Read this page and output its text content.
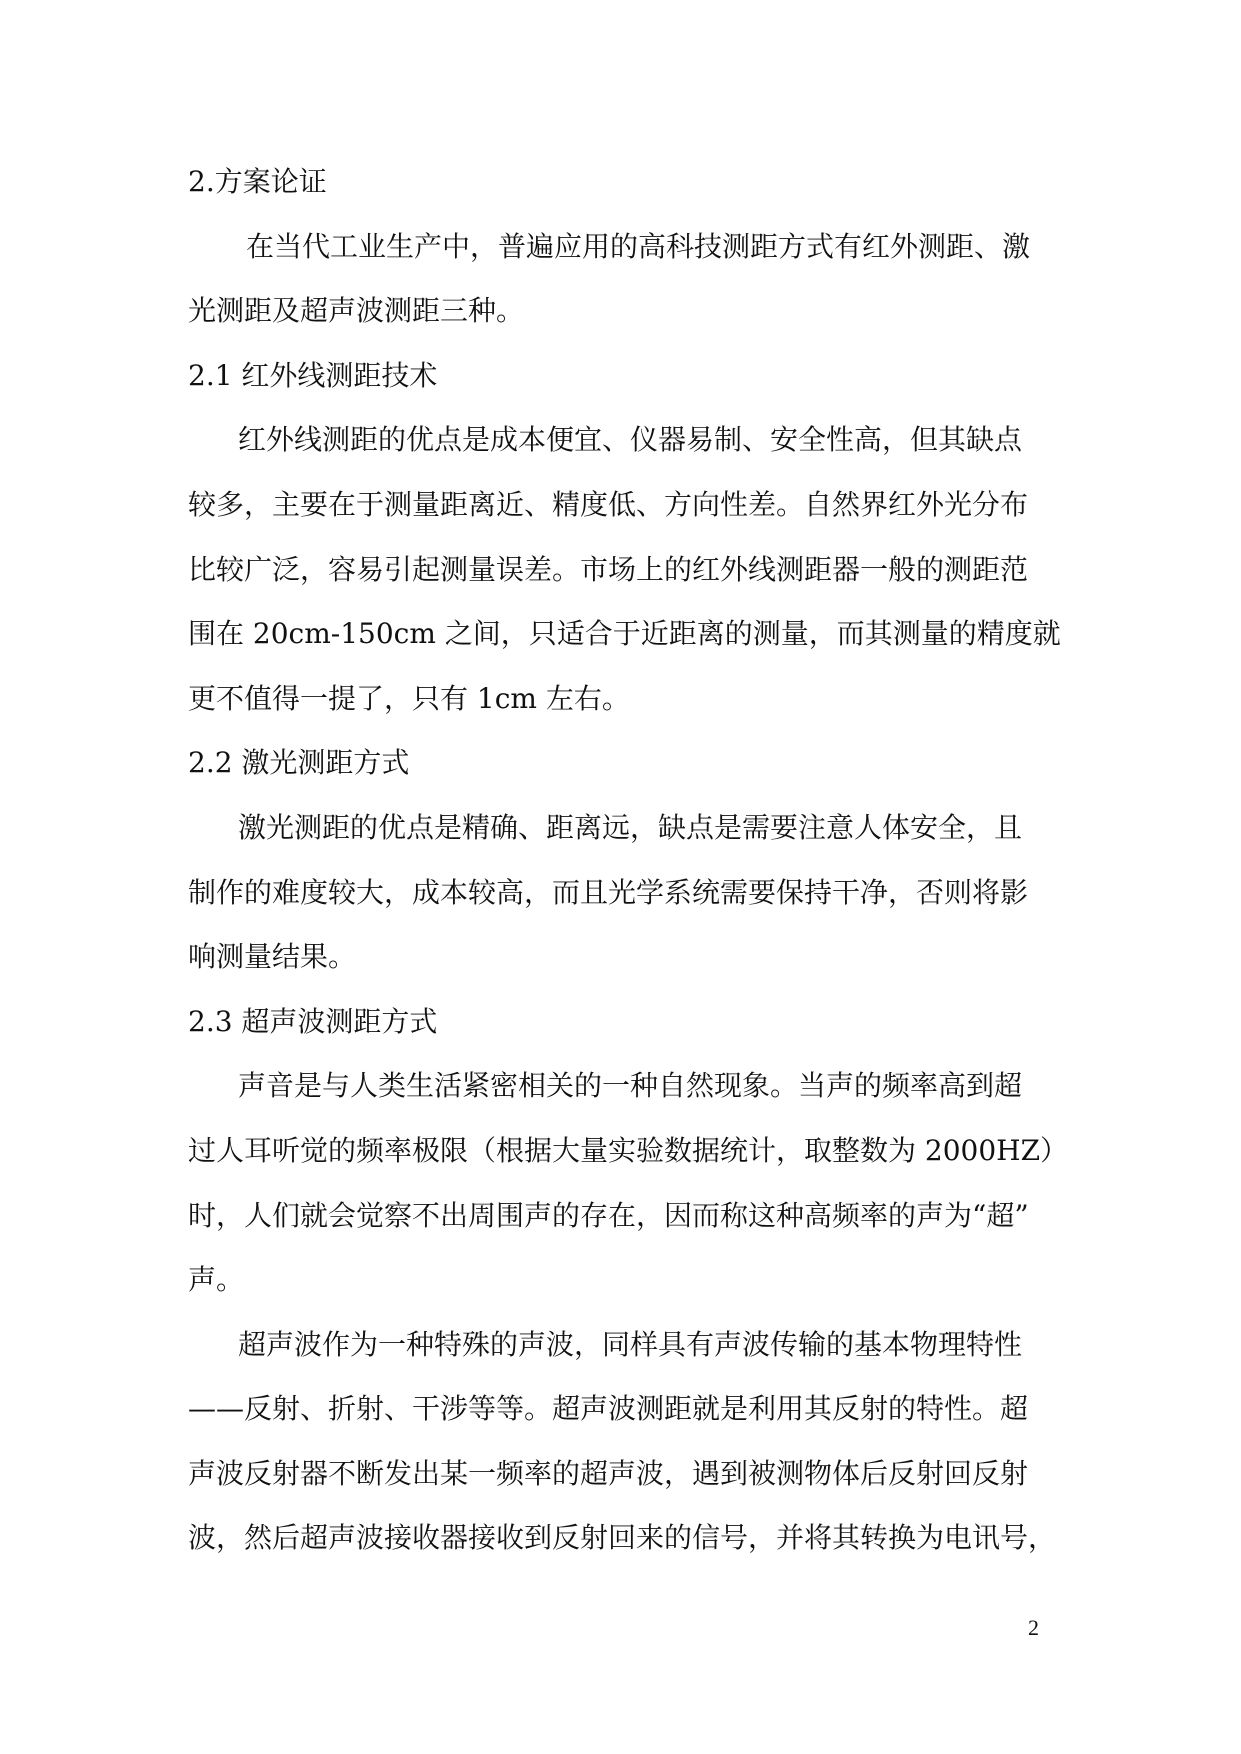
2.方案论证
在当代工业生产中，普遍应用的高科技测距方式有红外测距、激
光测距及超声波测距三种。
2.1 红外线测距技术
红外线测距的优点是成本便宜、仪器易制、安全性高，但其缺点
较多，主要在于测量距离近、精度低、方向性差。自然界红外光分布
比较广泛，容易引起测量误差。市场上的红外线测距器一般的测距范
围在 20cm-150cm 之间，只适合于近距离的测量，而其测量的精度就
更不值得一提了，只有 1cm 左右。
2.2 激光测距方式
激光测距的优点是精确、距离远，缺点是需要注意人体安全，且
制作的难度较大，成本较高，而且光学系统需要保持干净，否则将影
响测量结果。
2.3 超声波测距方式
声音是与人类生活紧密相关的一种自然现象。当声的频率高到超
过人耳听觉的频率极限（根据大量实验数据统计，取整数为 2000HZ）
时，人们就会觉察不出周围声的存在，因而称这种高频率的声为“超”
声。
超声波作为一种特殊的声波，同样具有声波传输的基本物理特性
——反射、折射、干涉等等。超声波测距就是利用其反射的特性。超
声波反射器不断发出某一频率的超声波，遇到被测物体后反射回反射
波，然后超声波接收器接收到反射回来的信号，并将其转换为电讯号，
2
